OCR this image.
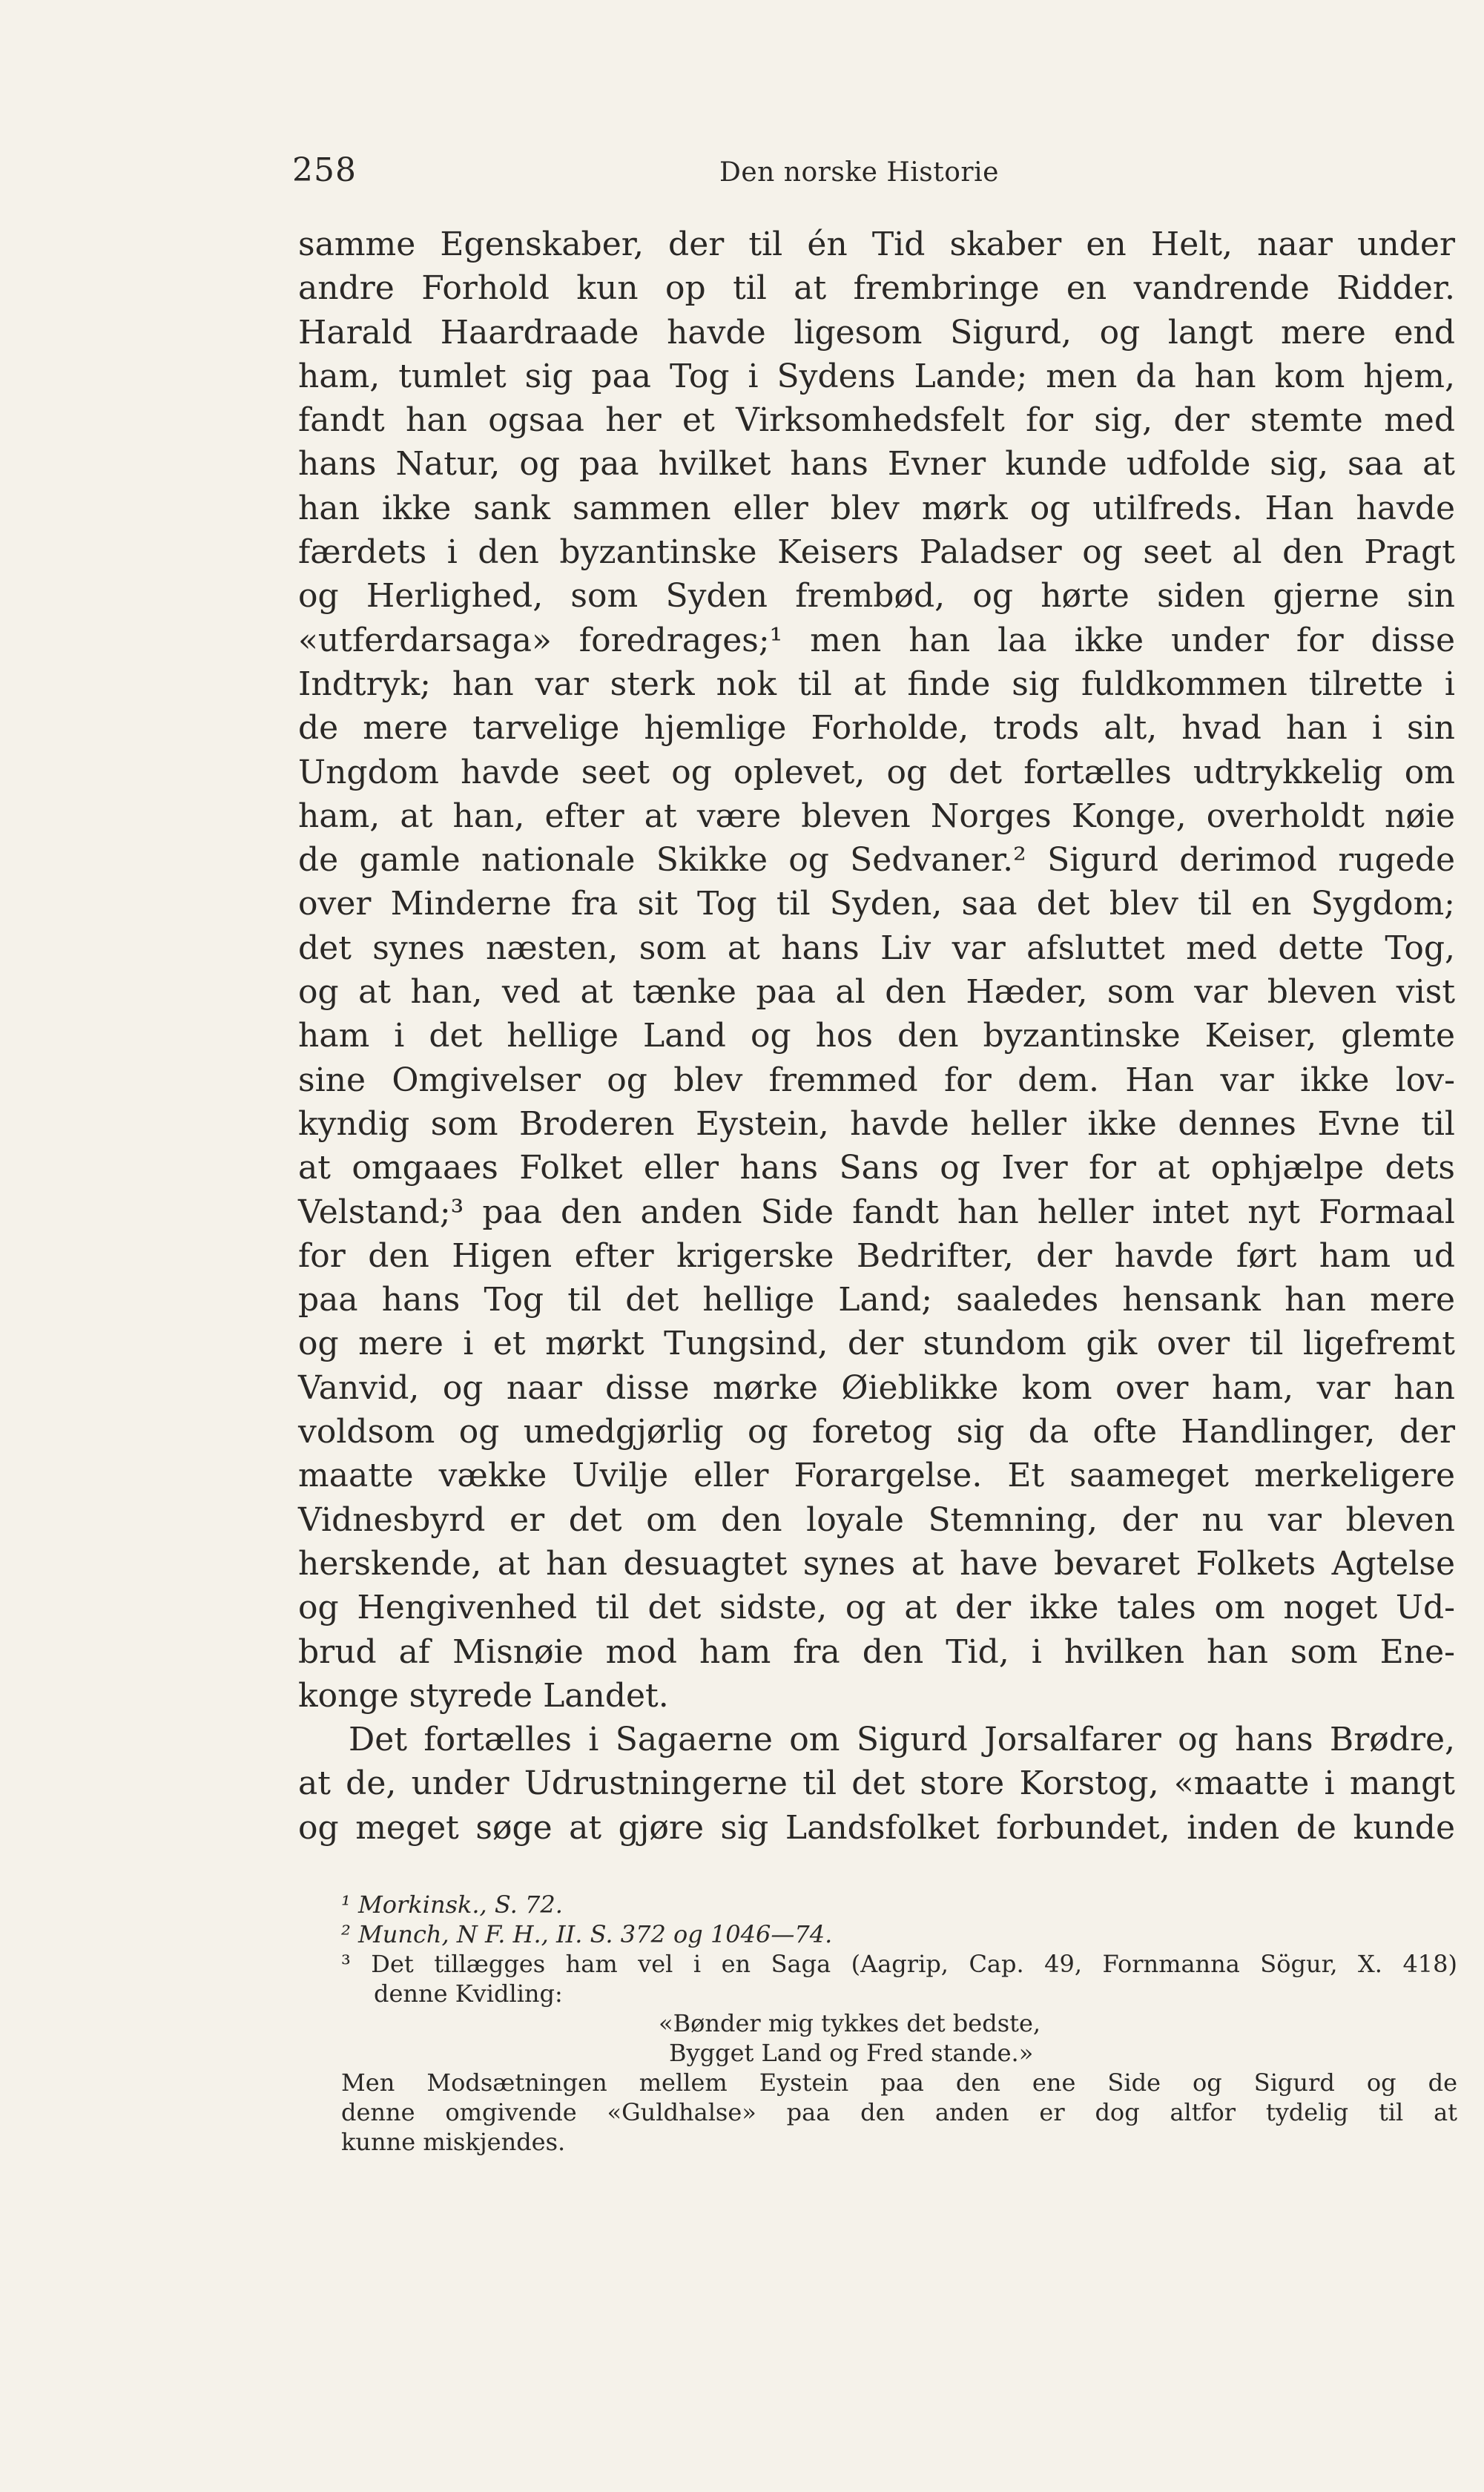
258	Den norske Historie
samme Egenskaber, der til én Tid skaber en Helt, naar under
andre Forhold kun op til at frembringe en vandrende Ridder.
Harald Haardraade havde ligesom Sigurd, og langt mere end
ham, tumlet sig paa Tog i Sydens Lande; men da han kom hjem,
fandt han ogsaa her et Virksomhedsfelt for sig, der stemte med
hans Natur, og paa hvilket hans Evner kunde udfolde sig, saa at
han ikke sank sammen eller blev mørk og utilfreds. Han havde
færdets i den byzantinske Keisers Paladser og seet al den Pragt
og Herlighed, som Syden frembød, og hørte siden gjerne sin
«utferdarsaga» foredrages;¹ men han laa ikke under for disse
Indtryk; han var sterk nok til at finde sig fuldkommen tilrette i
de mere tarvelige hjemlige Forholde, trods alt, hvad han i sin
Ungdom havde seet og oplevet, og det fortælles udtrykkelig om
ham, at han, efter at være bleven Norges Konge, overholdt nøie
de gamle nationale Skikke og Sedvaner.² Sigurd derimod rugede
over Minderne fra sit Tog til Syden, saa det blev til en Sygdom;
det synes næsten, som at hans Liv var afsluttet med dette Tog,
og at han, ved at tænke paa al den Hæder, som var bleven vist
ham i det hellige Land og hos den byzantinske Keiser, glemte
sine Omgivelser og blev fremmed for dem. Han var ikke lov-
kyndig som Broderen Eystein, havde heller ikke dennes Evne til
at omgaaes Folket eller hans Sans og Iver for at ophjælpe dets
Velstand;³ paa den anden Side fandt han heller intet nyt Formaal
for den Higen efter krigerske Bedrifter, der havde ført ham ud
paa hans Tog til det hellige Land; saaledes hensank han mere
og mere i et mørkt Tungsind, der stundom gik over til ligefremt
Vanvid, og naar disse mørke Øieblikke kom over ham, var han
voldsom og umedgjørlig og foretog sig da ofte Handlinger, der
maatte vække Uvilje eller Forargelse. Et saameget merkeligere
Vidnesbyrd er det om den loyale Stemning, der nu var bleven
herskende, at han desuagtet synes at have bevaret Folkets Agtelse
og Hengivenhed til det sidste, og at der ikke tales om noget Ud-
brud af Misnøie mod ham fra den Tid, i hvilken han som Ene-
konge styrede Landet.
Det fortælles i Sagaerne om Sigurd Jorsalfarer og hans Brødre,
at de, under Udrustningerne til det store Korstog, «maatte i mangt
og meget søge at gjøre sig Landsfolket forbundet, inden de kunde
¹ Morkinsk., S. 72.
² Munch, N F. H., II. S. 372 og 1046—74.
³ Det tillægges ham vel i en Saga (Aagrip, Cap. 49, Fornmanna Sögur, X. 418)
denne Kvidling:
«Bønder mig tykkes det bedste,
Bygget Land og Fred stande.»
Men Modsætningen mellem Eystein paa den ene Side og Sigurd og de
denne omgivende «Guldhalse» paa den anden er dog altfor tydelig til at
kunne miskjendes.
